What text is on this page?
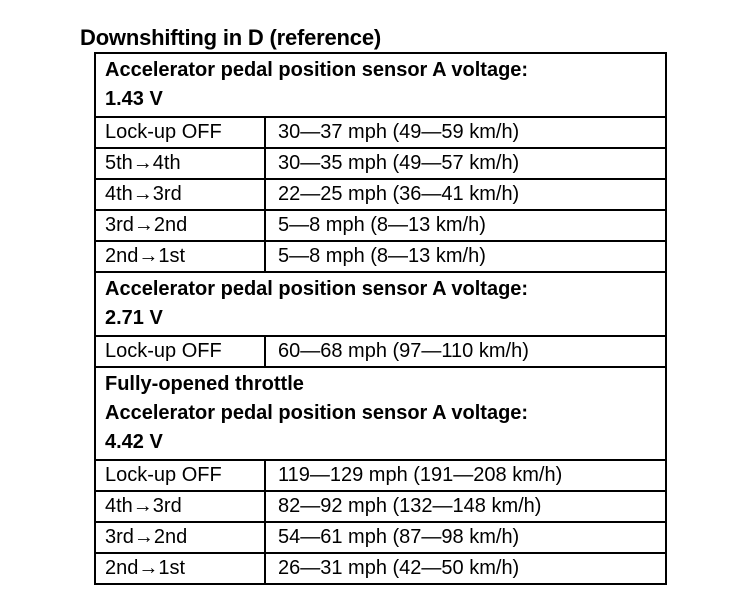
Downshifting in D (reference)
Accelerator pedal position sensor A voltage:
1.43 V	

Lock-up OFF	30—37 mph (49—59 km/h)
5th→4th	30—35 mph (49—57 km/h)
4th→3rd	22—25 mph (36—41 km/h)
3rd→2nd	5—8 mph (8—13 km/h)
2nd→1st	5—8 mph (8—13 km/h)

Accelerator pedal position sensor A voltage:
2.71 V	

Lock-up OFF	60—68 mph (97—110 km/h)

Fully-opened throttle
Accelerator pedal position sensor A voltage:
4.42 V	

Lock-up OFF	119—129 mph (191—208 km/h)
4th→3rd	82—92 mph (132—148 km/h)
3rd→2nd	54—61 mph (87—98 km/h)
2nd→1st	26—31 mph (42—50 km/h)
